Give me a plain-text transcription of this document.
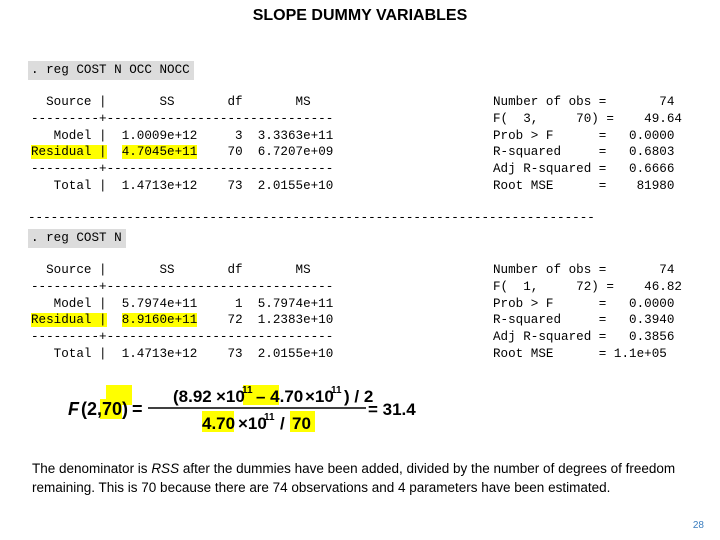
SLOPE DUMMY VARIABLES
. reg COST N OCC NOCC
Source |       SS       df       MS
---------+------------------------------
Model |  1.0009e+12     3  3.3363e+11
Residual | 4.7045e+11    70  6.7207e+09
---------+------------------------------
Total |  1.4713e+12    73  2.0155e+10
Number of obs =       74
F(  3,     70) =    49.64
Prob > F      =   0.0000
R-squared     =   0.6803
Adj R-squared =   0.6666
Root MSE      =    81980
---------------------------------------------------------------------------
. reg COST N
Source |       SS       df       MS
---------+------------------------------
Model |  5.7974e+11     1  5.7974e+11
Residual | 8.9160e+11    72  1.2383e+10
---------+------------------------------
Total |  1.4713e+12    73  2.0155e+10
Number of obs =       74
F(  1,     72) =    46.82
Prob > F      =   0.0000
R-squared     =   0.3940
Adj R-squared =   0.3856
Root MSE      = 1.1e+05
F (2,70) =
(8.92 ×10
11 – 4.70 ×10
11 ) / 2
4.70 ×10
11 / 70
= 31.4
The denominator is RSS after the dummies have been added, divided by the number of degrees of freedom remaining. This is 70 because there are 74 observations and 4 parameters have been estimated.
28
